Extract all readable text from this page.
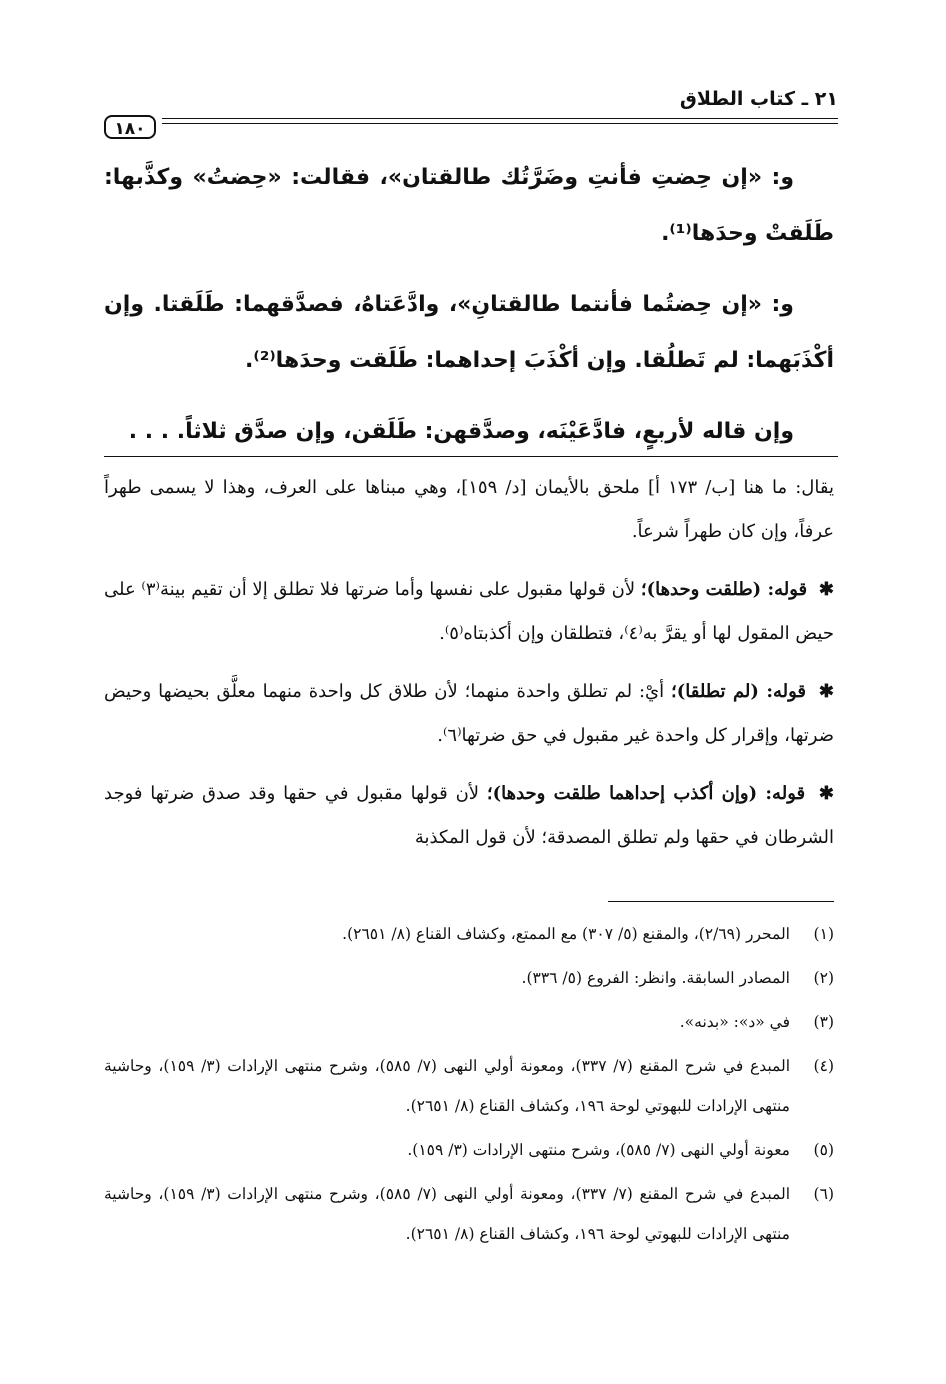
٢١ ـ كتاب الطلاق
١٨٠

و: «إن حِضتِ فأنتِ وضَرَّتُك طالقتان»، فقالت: «حِضتُ» وكذَّبها: طَلَقتْ وحدَها⁽¹⁾.

و: «إن حِضتُما فأنتما طالقتانِ»، وادَّعَتاهُ، فصدَّقهما: طَلَقتا. وإن أكْذَبَهما: لم تَطلُقا. وإن أكْذَبَ إحداهما: طَلَقت وحدَها⁽²⁾.

وإن قاله لأربعٍ، فادَّعَيْنَه، وصدَّقهن: طَلَقن، وإن صدَّق ثلاثاً. . . .

يقال: ما هنا [ب/ ١٧٣ أ] ملحق بالأيمان [د/ ١٥٩]، وهي مبناها على العرف، وهذا لا يسمى طهراً عرفاً، وإن كان طهراً شرعاً.

✱ قوله: (طلقت وحدها)؛ لأن قولها مقبول على نفسها وأما ضرتها فلا تطلق إلا أن تقيم بينة⁽٣⁾ على حيض المقول لها أو يقرَّ به⁽٤⁾، فتطلقان وإن أكذبتاه⁽٥⁾.

✱ قوله: (لم تطلقا)؛ أيْ: لم تطلق واحدة منهما؛ لأن طلاق كل واحدة منهما معلَّق بحيضها وحيض ضرتها، وإقرار كل واحدة غير مقبول في حق ضرتها⁽٦⁾.

✱ قوله: (وإن أكذب إحداهما طلقت وحدها)؛ لأن قولها مقبول في حقها وقد صدق ضرتها فوجد الشرطان في حقها ولم تطلق المصدقة؛ لأن قول المكذبة

(١)
المحرر (٢/٦٩)، والمقنع (٥/ ٣٠٧) مع الممتع، وكشاف القناع (٨/ ٢٦٥١).
(٢)
المصادر السابقة. وانظر: الفروع (٥/ ٣٣٦).
(٣)
في «د»: «بدنه».
(٤)
المبدع في شرح المقنع (٧/ ٣٣٧)، ومعونة أولي النهى (٧/ ٥٨٥)، وشرح منتهى الإرادات (٣/ ١٥٩)، وحاشية منتهى الإرادات للبهوتي لوحة ١٩٦، وكشاف القناع (٨/ ٢٦٥١).
(٥)
معونة أولي النهى (٧/ ٥٨٥)، وشرح منتهى الإرادات (٣/ ١٥٩).
(٦)
المبدع في شرح المقنع (٧/ ٣٣٧)، ومعونة أولي النهى (٧/ ٥٨٥)، وشرح منتهى الإرادات (٣/ ١٥٩)، وحاشية منتهى الإرادات للبهوتي لوحة ١٩٦، وكشاف القناع (٨/ ٢٦٥١).
